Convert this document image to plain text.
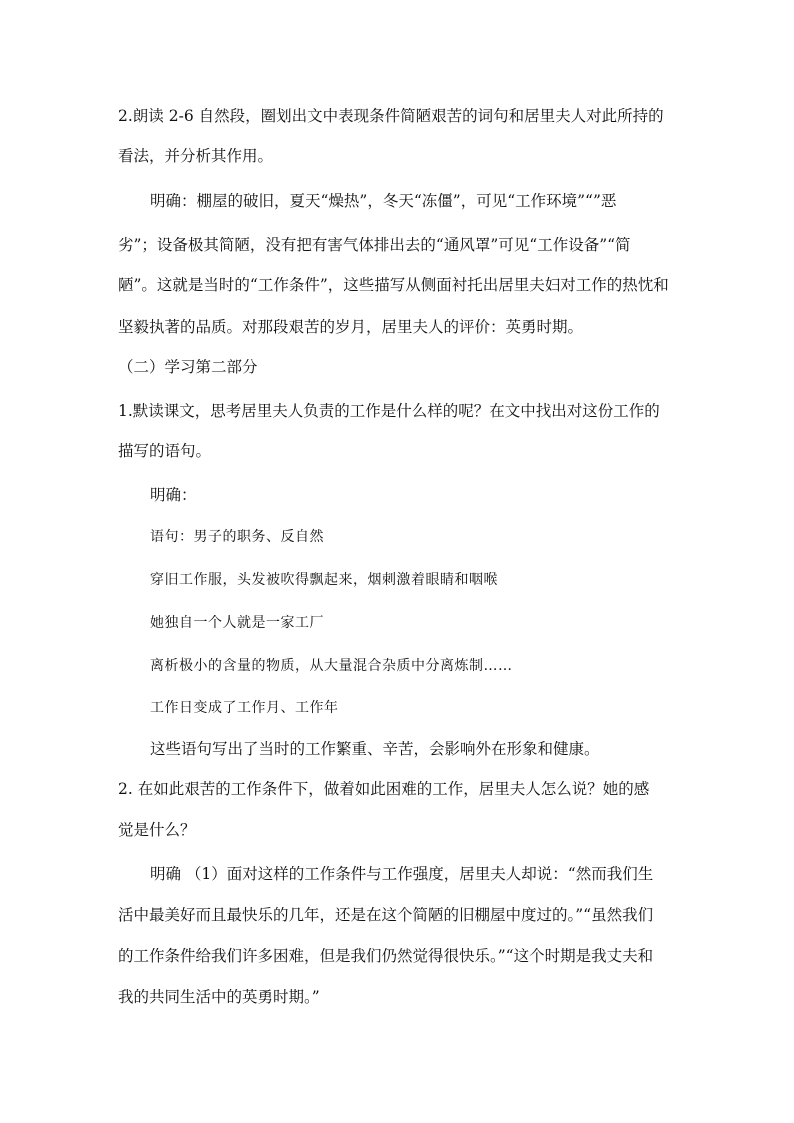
2.朗读 2-6 自然段，圈划出文中表现条件简陋艰苦的词句和居里夫人对此所持的
看法，并分析其作用。
明确：棚屋的破旧，夏天“燥热”，冬天“冻僵”，可见“工作环境”“”恶
劣”；设备极其简陋，没有把有害气体排出去的“通风罩”可见“工作设备”“简
陋”。这就是当时的“工作条件”，这些描写从侧面衬托出居里夫妇对工作的热忱和
坚毅执著的品质。对那段艰苦的岁月，居里夫人的评价：英勇时期。
（二）学习第二部分
1.默读课文，思考居里夫人负责的工作是什么样的呢？在文中找出对这份工作的
描写的语句。
明确：
语句：男子的职务、反自然
穿旧工作服，头发被吹得飘起来，烟刺激着眼睛和咽喉
她独自一个人就是一家工厂
离析极小的含量的物质，从大量混合杂质中分离炼制……
工作日变成了工作月、工作年
这些语句写出了当时的工作繁重、辛苦，会影响外在形象和健康。
2. 在如此艰苦的工作条件下，做着如此困难的工作，居里夫人怎么说？她的感
觉是什么？
明确 （1）面对这样的工作条件与工作强度，居里夫人却说：“然而我们生
活中最美好而且最快乐的几年，还是在这个简陋的旧棚屋中度过的。”“虽然我们
的工作条件给我们许多困难，但是我们仍然觉得很快乐。”“这个时期是我丈夫和
我的共同生活中的英勇时期。”
